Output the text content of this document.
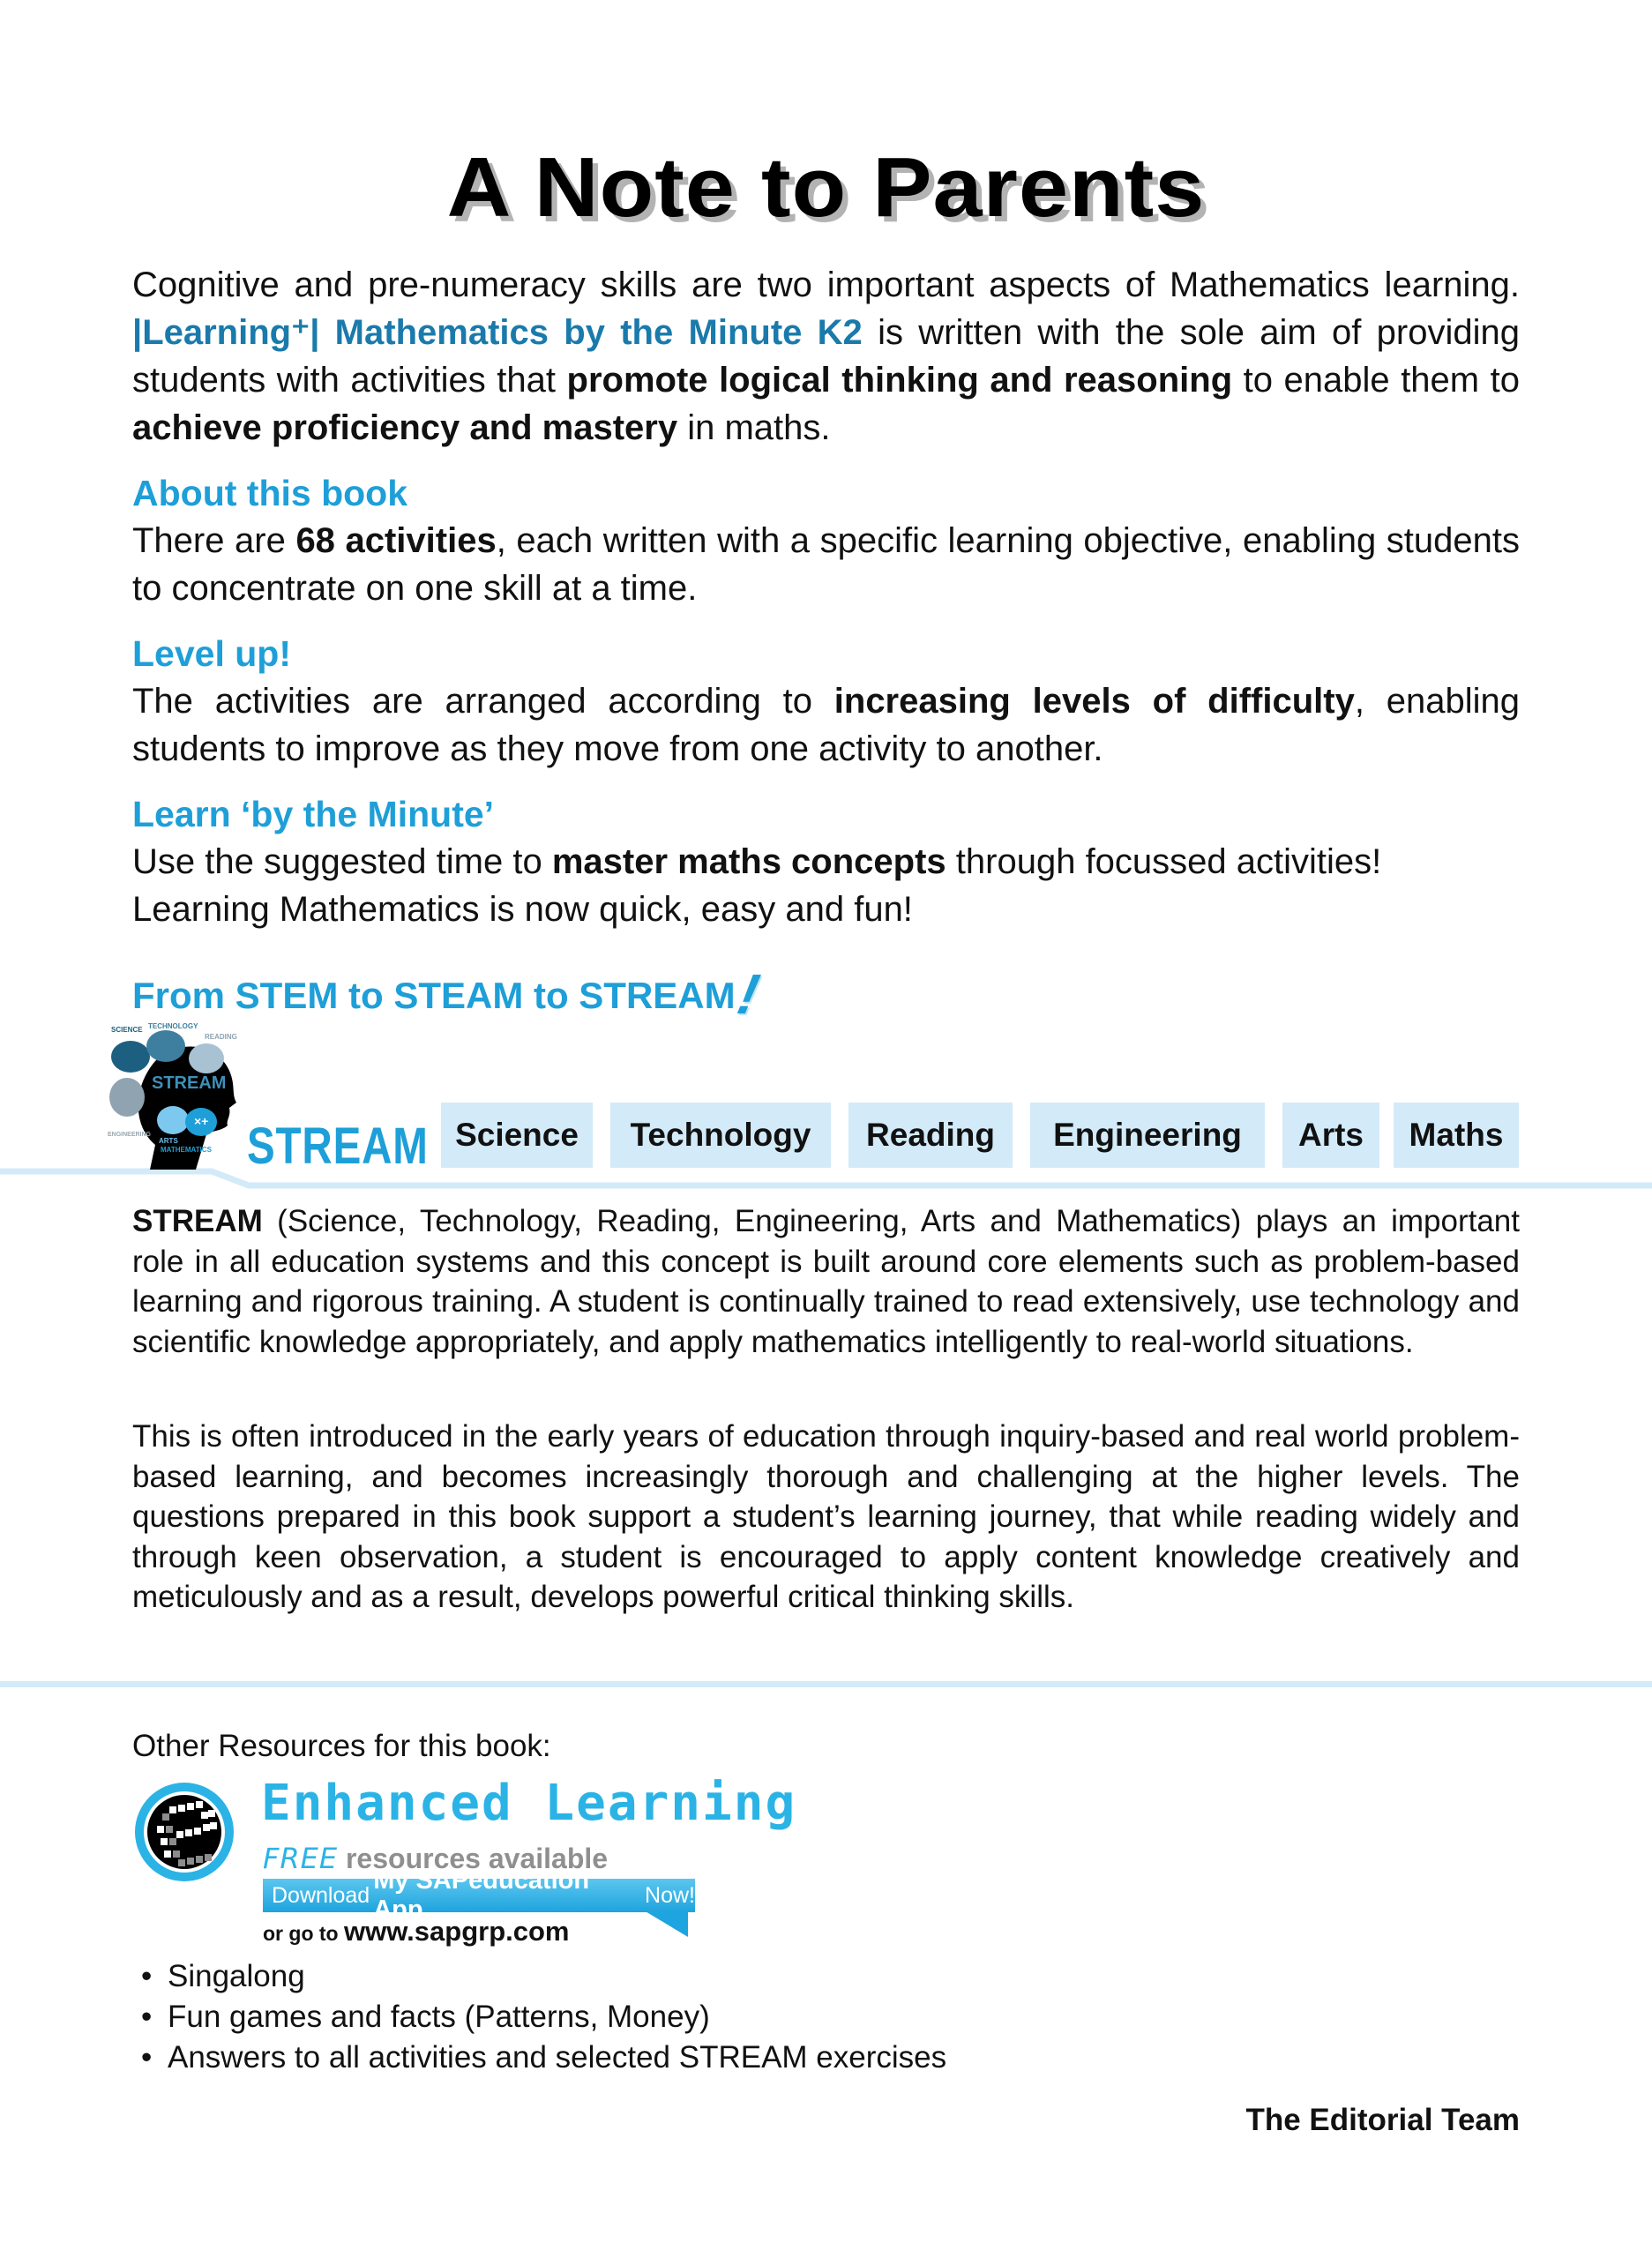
A Note to Parents

Cognitive and pre-numeracy skills are two important aspects of Mathematics learning. |Learning⁺| Mathematics by the Minute K2 is written with the sole aim of providing students with activities that promote logical thinking and reasoning to enable them to achieve proficiency and mastery in maths.

About this book

There are 68 activities, each written with a specific learning objective, enabling students to concentrate on one skill at a time.

Level up!

The activities are arranged according to increasing levels of difficulty, enabling students to improve as they move from one activity to another.

Learn ‘by the Minute’

Use the suggested time to master maths concepts through focussed activities! Learning Mathematics is now quick, easy and fun!

From STEM to STEAM to STREAM!
SCIENCE TECHNOLOGY
READING
ENGINEERING
ARTS
MATHEMATICS
STREAM
×+ STREAM Science	Technology	Reading	Engineering	Arts	Maths

STREAM (Science, Technology, Reading, Engineering, Arts and Mathematics) plays an important role in all education systems and this concept is built around core elements such as problem-based learning and rigorous training. A student is continually trained to read extensively, use technology and scientific knowledge appropriately, and apply mathematics intelligently to real-world situations.

This is often introduced in the early years of education through inquiry-based and real world problem-based learning, and becomes increasingly thorough and challenging at the higher levels. The questions prepared in this book support a student’s learning journey, that while reading widely and through keen observation, a student is encouraged to apply content knowledge creatively and meticulously and as a result, develops powerful critical thinking skills.

Other Resources for this book:
Enhanced Learning
FREE resources available
Download
My SAPeducation App
Now!
or go to www.sapgrp.com
• Singalong
• Fun games and facts (Patterns, Money)
• Answers to all activities and selected STREAM exercises
The Editorial Team
